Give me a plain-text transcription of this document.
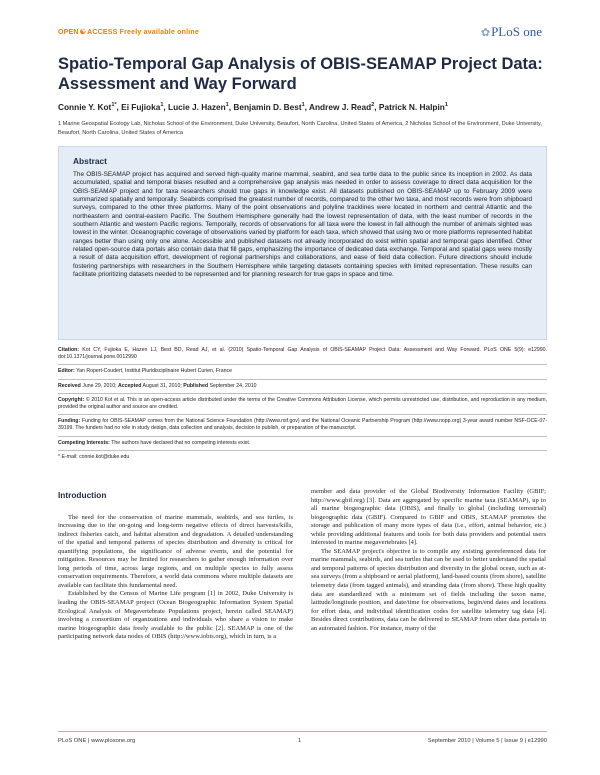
OPEN☯ACCESS Freely available online	✿PLoS one
Spatio-Temporal Gap Analysis of OBIS-SEAMAP Project Data: Assessment and Way Forward
Connie Y. Kot$^{1*}$, Ei Fujioka$^1$, Lucie J. Hazen$^1$, Benjamin D. Best$^1$, Andrew J. Read$^2$, Patrick N. Halpin$^1$
1 Marine Geospatial Ecology Lab, Nicholas School of the Environment, Duke University, Beaufort, North Carolina, United States of America, 2 Nicholas School of the Environment, Duke University, Beaufort, North Carolina, United States of America
Abstract
The OBIS-SEAMAP project has acquired and served high-quality marine mammal, seabird, and sea turtle data to the public since its inception in 2002. As data accumulated, spatial and temporal biases resulted and a comprehensive gap analysis was needed in order to assess coverage to direct data acquisition for the OBIS-SEAMAP project and for taxa researchers should true gaps in knowledge exist. All datasets published on OBIS-SEAMAP up to February 2009 were summarized spatially and temporally. Seabirds comprised the greatest number of records, compared to the other two taxa, and most records were from shipboard surveys, compared to the other three platforms. Many of the point observations and polyline tracklines were located in northern and central Atlantic and the northeastern and central-eastern Pacific. The Southern Hemisphere generally had the lowest representation of data, with the least number of records in the southern Atlantic and western Pacific regions. Temporally, records of observations for all taxa were the lowest in fall although the number of animals sighted was lowest in the winter. Oceanographic coverage of observations varied by platform for each taxa, which showed that using two or more platforms represented habitat ranges better than using only one alone. Accessible and published datasets not already incorporated do exist within spatial and temporal gaps identified. Other related open-source data portals also contain data that fill gaps, emphasizing the importance of dedicated data exchange. Temporal and spatial gaps were mostly a result of data acquisition effort, development of regional partnerships and collaborations, and ease of field data collection. Future directions should include fostering partnerships with researchers in the Southern Hemisphere while targeting datasets containing species with limited representation. These results can facilitate prioritizing datasets needed to be represented and for planning research for true gaps in space and time.
Citation: Kot CY, Fujioka E, Hazen LJ, Best BD, Read AJ, et al. (2010) Spatio-Temporal Gap Analysis of OBIS-SEAMAP Project Data: Assessment and Way Forward. PLoS ONE 5(9): e12990. doi:10.1371/journal.pone.0012990
Editor: Yan Ropert-Coudert, Institut Pluridisciplinaire Hubert Curien, France
Received June 29, 2010; Accepted August 31, 2010; Published September 24, 2010
Copyright: © 2010 Kot et al. This is an open-access article distributed under the terms of the Creative Commons Attribution License, which permits unrestricted use, distribution, and reproduction in any medium, provided the original author and source are credited.
Funding: Funding for OBIS-SEAMAP comes from the National Science Foundation (http://www.nsf.gov) and the National Oceanic Partnership Program (http://www.nopp.org) 3-year award number NSF-OCE-07-39199. The funders had no role in study design, data collection and analysis, decision to publish, or preparation of the manuscript.
Competing Interests: The authors have declared that no competing interests exist.
* E-mail: connie.kot@duke.edu
Introduction

The need for the conservation of marine mammals, seabirds, and sea turtles, is increasing due to the on-going and long-term negative effects of direct harvests/kills, indirect fisheries catch, and habitat alteration and degradation. A detailed understanding of the spatial and temporal patterns of species distribution and diversity is critical for quantifying populations, the significance of adverse events, and the potential for mitigation. Resources may be limited for researchers to gather enough information over long periods of time, across large regions, and on multiple species to fully assess conservation requirements. Therefore, a world data commons where multiple datasets are available can facilitate this fundamental need.

Established by the Census of Marine Life program [1] in 2002, Duke University is leading the OBIS-SEAMAP project (Ocean Biogeographic Information System Spatial Ecological Analysis of Megavertebrate Populations project, herein called SEAMAP) involving a consortium of organizations and individuals who share a vision to make marine biogeographic data freely available to the public [2]. SEAMAP is one of the participating network data nodes of OBIS (http://www.iobis.org), which in turn, is a

member and data provider of the Global Biodiversity Information Facility (GBIF; http://www.gbif.org) [3]. Data are aggregated by specific marine taxa (SEAMAP), up to all marine biogeographic data (OBIS), and finally to global (including terrestrial) biogeographic data (GBIF). Compared to GBIF and OBIS, SEAMAP promotes the storage and publication of many more types of data (i.e., effort, animal behavior, etc.) while providing additional features and tools for both data providers and potential users interested in marine megavertebrates [4].

The SEAMAP project's objective is to compile any existing georeferenced data for marine mammals, seabirds, and sea turtles that can be used to better understand the spatial and temporal patterns of species distribution and diversity in the global ocean, such as at-sea surveys (from a shipboard or aerial platform), land-based counts (from shore), satellite telemetry data (from tagged animals), and stranding data (from shore). These high quality data are standardized with a minimum set of fields including the taxon name, latitude/longitude position, and date/time for observations, begin/end dates and locations for effort data, and individual identification codes for satellite telemetry tag data [4]. Besides direct contributions, data can be delivered to SEAMAP from other data portals in an automated fashion. For instance, many of the

PLoS ONE | www.plosone.org	1	September 2010 | Volume 5 | Issue 9 | e12990
